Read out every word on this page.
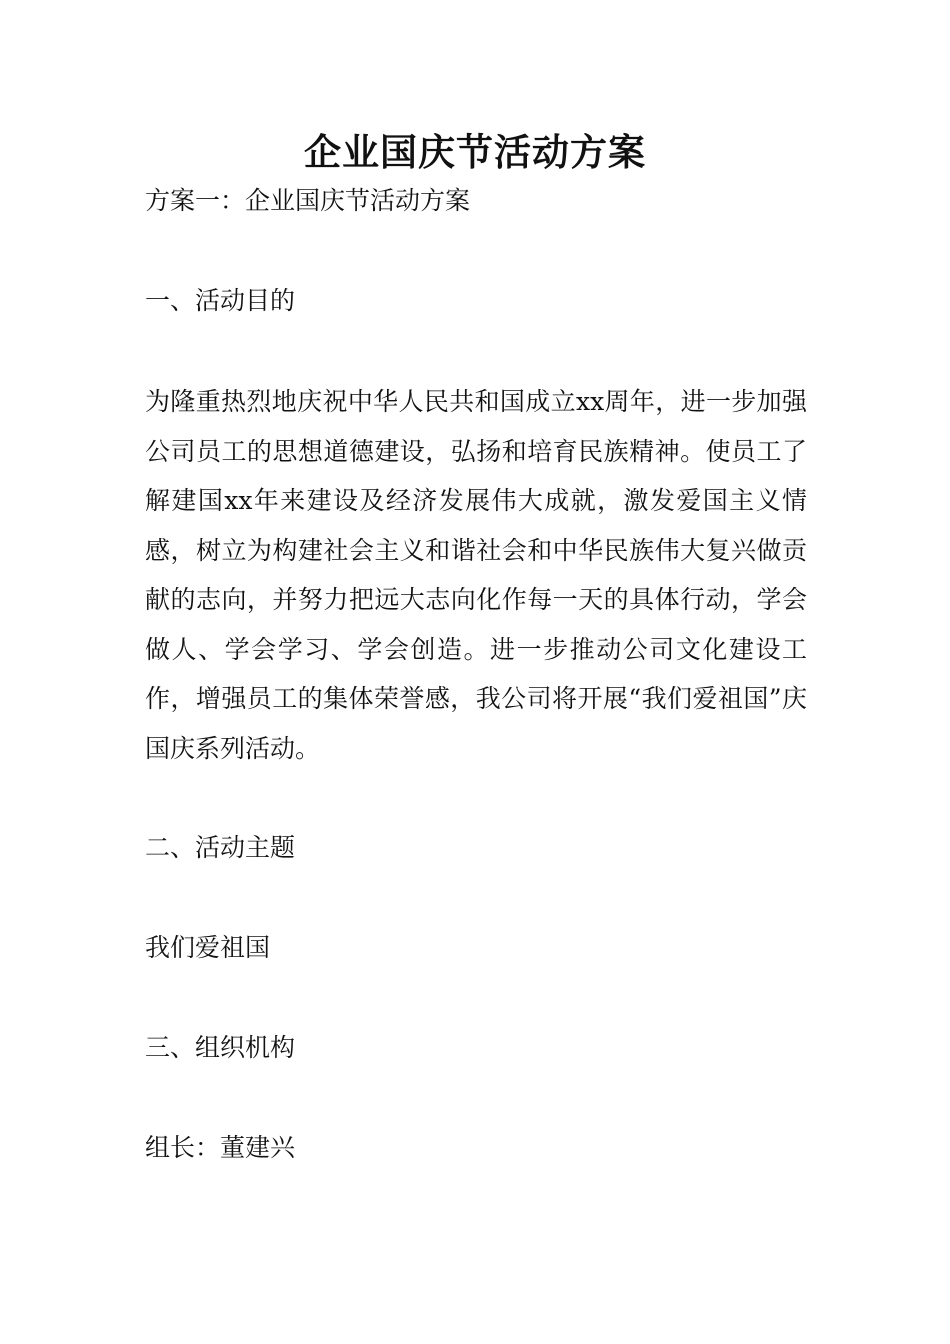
企业国庆节活动方案

方案一：企业国庆节活动方案

一、活动目的

为隆重热烈地庆祝中华人民共和国成立xx周年，进一步加强公司员工的思想道德建设，弘扬和培育民族精神。使员工了解建国xx年来建设及经济发展伟大成就，激发爱国主义情感，树立为构建社会主义和谐社会和中华民族伟大复兴做贡献的志向，并努力把远大志向化作每一天的具体行动，学会做人、学会学习、学会创造。进一步推动公司文化建设工作，增强员工的集体荣誉感，我公司将开展“我们爱祖国”庆国庆系列活动。

二、活动主题

我们爱祖国

三、组织机构

组长：董建兴
